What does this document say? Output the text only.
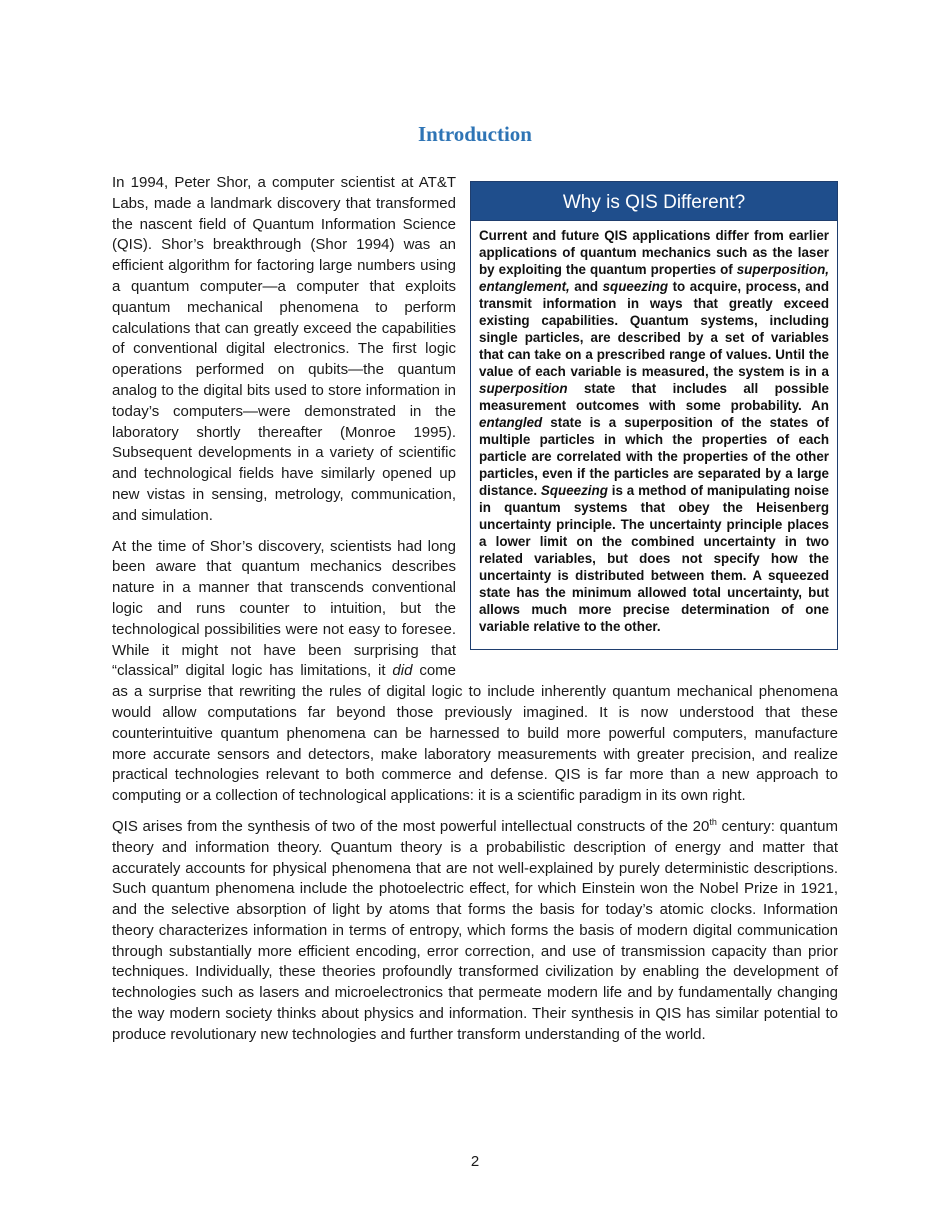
Introduction

Why is QIS Different?
Current and future QIS applications differ from earlier applications of quantum mechanics such as the laser by exploiting the quantum properties of superposition, entanglement, and squeezing to acquire, process, and transmit information in ways that greatly exceed existing capabilities. Quantum systems, including single particles, are described by a set of variables that can take on a prescribed range of values. Until the value of each variable is measured, the system is in a superposition state that includes all possible measurement outcomes with some probability. An entangled state is a superposition of the states of multiple particles in which the properties of each particle are correlated with the properties of the other particles, even if the particles are separated by a large distance. Squeezing is a method of manipulating noise in quantum systems that obey the Heisenberg uncertainty principle. The uncertainty principle places a lower limit on the combined uncertainty in two related variables, but does not specify how the uncertainty is distributed between them. A squeezed state has the minimum allowed total uncertainty, but allows much more precise determination of one variable relative to the other.
In 1994, Peter Shor, a computer scientist at AT&T Labs, made a landmark discovery that transformed the nascent field of Quantum Information Science (QIS). Shor’s breakthrough (Shor 1994) was an efficient algorithm for factoring large numbers using a quantum computer—a computer that exploits quantum mechanical phenomena to perform calculations that can greatly exceed the capabilities of conventional digital electronics. The first logic operations performed on qubits—the quantum analog to the digital bits used to store information in today’s computers—were demonstrated in the laboratory shortly thereafter (Monroe 1995). Subsequent developments in a variety of scientific and technological fields have similarly opened up new vistas in sensing, metrology, communication, and simulation.

At the time of Shor’s discovery, scientists had long been aware that quantum mechanics describes nature in a manner that transcends conventional logic and runs counter to intuition, but the technological possibilities were not easy to foresee. While it might not have been surprising that “classical” digital logic has limitations, it did come as a surprise that rewriting the rules of digital logic to include inherently quantum mechanical phenomena would allow computations far beyond those previously imagined. It is now understood that these counterintuitive quantum phenomena can be harnessed to build more powerful computers, manufacture more accurate sensors and detectors, make laboratory measurements with greater precision, and realize practical technologies relevant to both commerce and defense. QIS is far more than a new approach to computing or a collection of technological applications: it is a scientific paradigm in its own right.

QIS arises from the synthesis of two of the most powerful intellectual constructs of the 20th century: quantum theory and information theory. Quantum theory is a probabilistic description of energy and matter that accurately accounts for physical phenomena that are not well-explained by purely deterministic descriptions. Such quantum phenomena include the photoelectric effect, for which Einstein won the Nobel Prize in 1921, and the selective absorption of light by atoms that forms the basis for today’s atomic clocks. Information theory characterizes information in terms of entropy, which forms the basis of modern digital communication through substantially more efficient encoding, error correction, and use of transmission capacity than prior techniques. Individually, these theories profoundly transformed civilization by enabling the development of technologies such as lasers and microelectronics that permeate modern life and by fundamentally changing the way modern society thinks about physics and information. Their synthesis in QIS has similar potential to produce revolutionary new technologies and further transform understanding of the world.

2
